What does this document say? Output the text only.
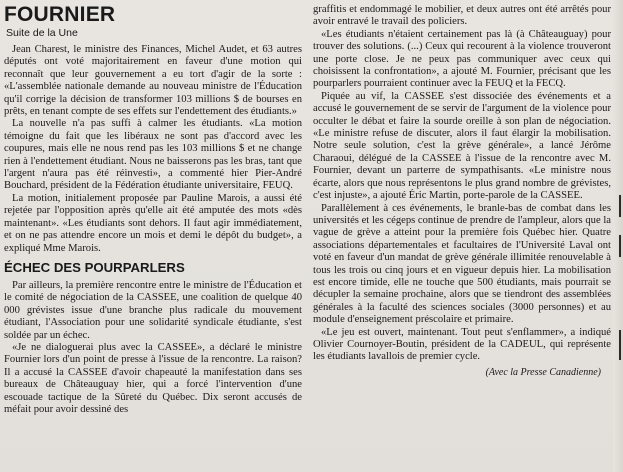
FOURNIER
Suite de la Une

Jean Charest, le ministre des Finances, Michel Audet, et 63 autres députés ont voté majoritairement en faveur d'une motion qui reconnaît que leur gouvernement a eu tort d'agir de la sorte : «L'assemblée nationale demande au nouveau ministre de l'Éducation qu'il corrige la décision de transformer 103 millions $ de bourses en prêts, en tenant compte de ses effets sur l'endettement des étudiants.»

La nouvelle n'a pas suffi à calmer les étudiants. «La motion témoigne du fait que les libéraux ne sont pas d'accord avec les coupures, mais elle ne nous rend pas les 103 millions $ et ne change rien à l'endettement étudiant. Nous ne baisserons pas les bras, tant que l'argent n'aura pas été réinvesti», a commenté hier Pier-André Bouchard, président de la Fédération étudiante universitaire, FEUQ.

La motion, initialement proposée par Pauline Marois, a aussi été rejetée par l'opposition après qu'elle ait été amputée des mots «dès maintenant». «Les étudiants sont dehors. Il faut agir immédiatement, et on ne pas attendre encore un mois et demi le dépôt du budget», a expliqué Mme Marois.

ÉCHEC DES POURPARLERS

Par ailleurs, la première rencontre entre le ministre de l'Éducation et le comité de négociation de la CASSEE, une coalition de quelque 40 000 grévistes issue d'une branche plus radicale du mouvement étudiant, l'Association pour une solidarité syndicale étudiante, s'est soldée par un échec.

«Je ne dialoguerai plus avec la CASSEE», a déclaré le ministre Fournier lors d'un point de presse à l'issue de la rencontre. La raison? Il a accusé la CASSEE d'avoir chapeauté la manifestation dans ses bureaux de Châteauguay hier, qui a forcé l'intervention d'une escouade tactique de la Sûreté du Québec. Dix seront accusés de méfait pour avoir dessiné des

graffitis et endommagé le mobilier, et deux autres ont été arrêtés pour avoir entravé le travail des policiers.

«Les étudiants n'étaient certainement pas là (à Châteauguay) pour trouver des solutions. (...) Ceux qui recourent à la violence trouveront une porte close. Je ne peux pas communiquer avec ceux qui choisissent la confrontation», a ajouté M. Fournier, précisant que les pourparlers pourraient continuer avec la FEUQ et la FECQ.

Piquée au vif, la CASSEE s'est dissociée des événements et a accusé le gouvernement de se servir de l'argument de la violence pour occulter le débat et faire la sourde oreille à son plan de négociation. «Le ministre refuse de discuter, alors il faut élargir la mobilisation. Notre seule solution, c'est la grève générale», a lancé Jérôme Charaoui, délégué de la CASSEE à l'issue de la rencontre avec M. Fournier, devant un parterre de sympathisants. «Le ministre nous écarte, alors que nous représentons le plus grand nombre de grévistes, c'est injuste», a ajouté Éric Martin, porte-parole de la CASSEE.

Parallèlement à ces événements, le branle-bas de combat dans les universités et les cégeps continue de prendre de l'ampleur, alors que la vague de grève a atteint pour la première fois Québec hier. Quatre associations départementales et facultaires de l'Université Laval ont voté en faveur d'un mandat de grève générale illimitée renouvelable à tous les trois ou cinq jours et en vigueur depuis hier. La mobilisation est encore timide, elle ne touche que 500 étudiants, mais pourrait se décupler la semaine prochaine, alors que se tiendront des assemblées générales à la faculté des sciences sociales (3000 personnes) et au module d'enseignement préscolaire et primaire.

«Le jeu est ouvert, maintenant. Tout peut s'enflammer», a indiqué Olivier Cournoyer-Boutin, président de la CADEUL, qui représente les étudiants lavallois de premier cycle.

(Avec la Presse Canadienne)
